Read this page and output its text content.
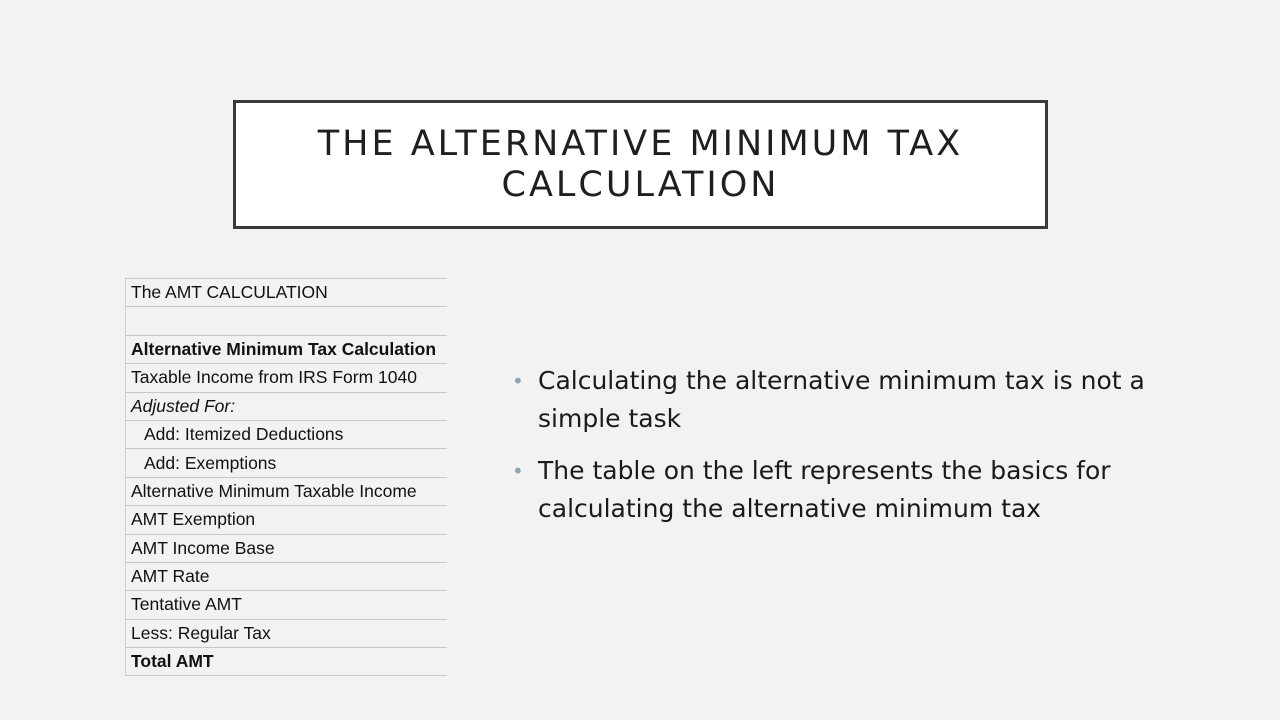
THE ALTERNATIVE MINIMUM TAX CALCULATION
The AMT CALCULATION

Alternative Minimum Tax Calculation
Taxable Income from IRS Form 1040
Adjusted For:
Add: Itemized Deductions
Add: Exemptions
Alternative Minimum Taxable Income
AMT Exemption
AMT Income Base
AMT Rate
Tentative AMT
Less: Regular Tax
Total AMT
• Calculating the alternative minimum tax is not a simple task
• The table on the left represents the basics for calculating the alternative minimum tax
